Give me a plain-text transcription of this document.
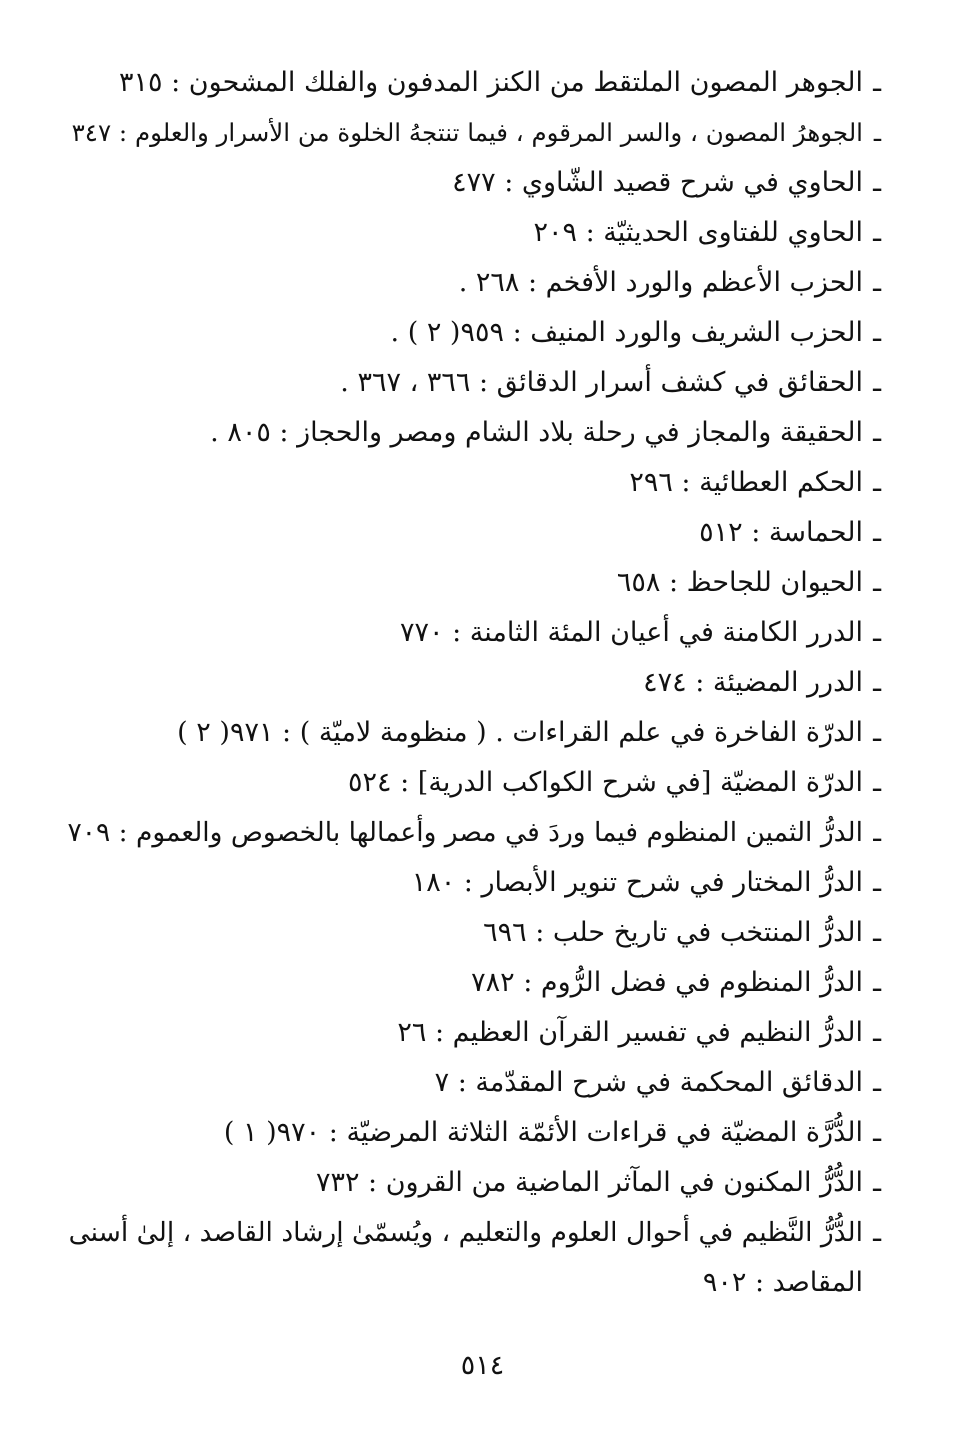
ـ
الجوهر المصون الملتقط من الكنز المدفون والفلك المشحون : ٣١٥
ـ
الجوهرُ المصون ، والسر المرقوم ، فيما تنتجهُ الخلوة من الأسرار والعلوم : ٣٤٧
ـ
الحاوي في شرح قصيد الشّاوي : ٤٧٧
ـ
الحاوي للفتاوى الحديثيّة : ٢٠٩
ـ
الحزب الأعظم والورد الأفخم : ٢٦٨ .
ـ
الحزب الشريف والورد المنيف : ٩٥٩( ٢ ) .
ـ
الحقائق في كشف أسرار الدقائق : ٣٦٦ ، ٣٦٧ .
ـ
الحقيقة والمجاز في رحلة بلاد الشام ومصر والحجاز : ٨٠٥ .
ـ
الحكم العطائية : ٢٩٦
ـ
الحماسة : ٥١٢
ـ
الحيوان للجاحظ : ٦٥٨
ـ
الدرر الكامنة في أعيان المئة الثامنة : ٧٧٠
ـ
الدرر المضيئة : ٤٧٤
ـ
الدرّة الفاخرة في علم القراءات . ( منظومة لاميّة ) : ٩٧١( ٢ )
ـ
الدرّة المضيّة [في شرح الكواكب الدرية] : ٥٢٤
ـ
الدرُّ الثمين المنظوم فيما وردَ في مصر وأعمالها بالخصوص والعموم : ٧٠٩
ـ
الدرُّ المختار في شرح تنوير الأبصار : ١٨٠
ـ
الدرُّ المنتخب في تاريخ حلب : ٦٩٦
ـ
الدرُّ المنظوم في فضل الرُّوم : ٧٨٢
ـ
الدرُّ النظيم في تفسير القرآن العظيم : ٢٦
ـ
الدقائق المحكمة في شرح المقدّمة : ٧
ـ
الدُّرَّة المضيّة في قراءات الأئمّة الثلاثة المرضيّة : ٩٧٠( ١ )
ـ
الدُّرُّ المكنون في المآثر الماضية من القرون : ٧٣٢
ـ
الدُّرُّ النَّظيم في أحوال العلوم والتعليم ، ويُسمّىٰ إرشاد القاصد ، إلىٰ أسنى
المقاصد : ٩٠٢
٥١٤
